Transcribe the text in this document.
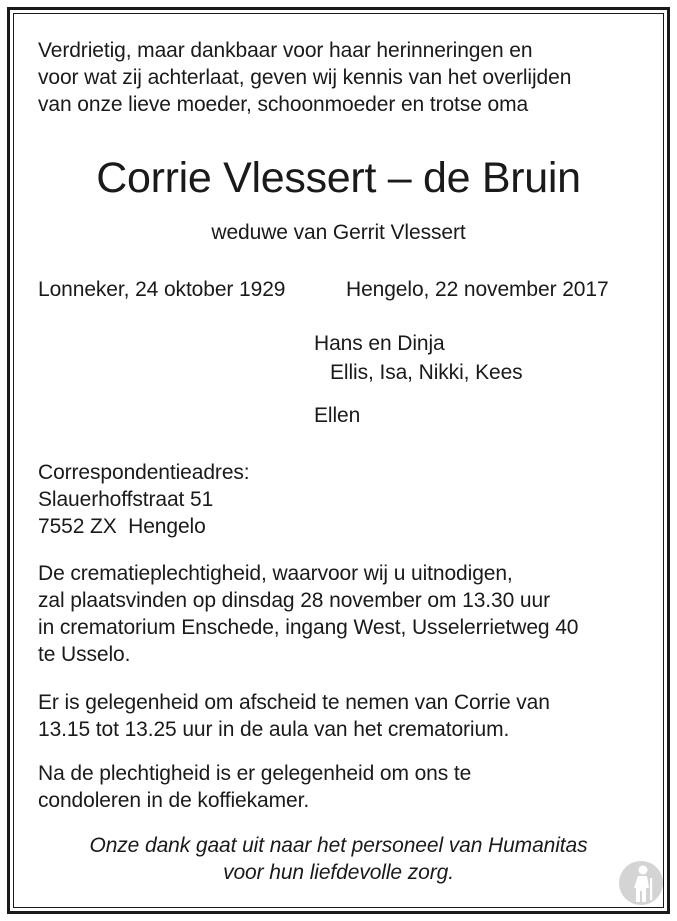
Verdrietig, maar dankbaar voor haar herinneringen en
voor wat zij achterlaat, geven wij kennis van het overlijden
van onze lieve moeder, schoonmoeder en trotse oma
Corrie Vlessert – de Bruin
weduwe van Gerrit Vlessert
Lonneker, 24 oktober 1929	Hengelo, 22 november 2017
Hans en Dinja
Ellis, Isa, Nikki, Kees
Ellen
Correspondentieadres:
Slauerhoffstraat 51
7552 ZX  Hengelo
De crematieplechtigheid, waarvoor wij u uitnodigen,
zal plaatsvinden op dinsdag 28 november om 13.30 uur
in crematorium Enschede, ingang West, Usselerrietweg 40
te Usselo.
Er is gelegenheid om afscheid te nemen van Corrie van
13.15 tot 13.25 uur in de aula van het crematorium.
Na de plechtigheid is er gelegenheid om ons te
condoleren in de koffiekamer.
Onze dank gaat uit naar het personeel van Humanitas
voor hun liefdevolle zorg.
